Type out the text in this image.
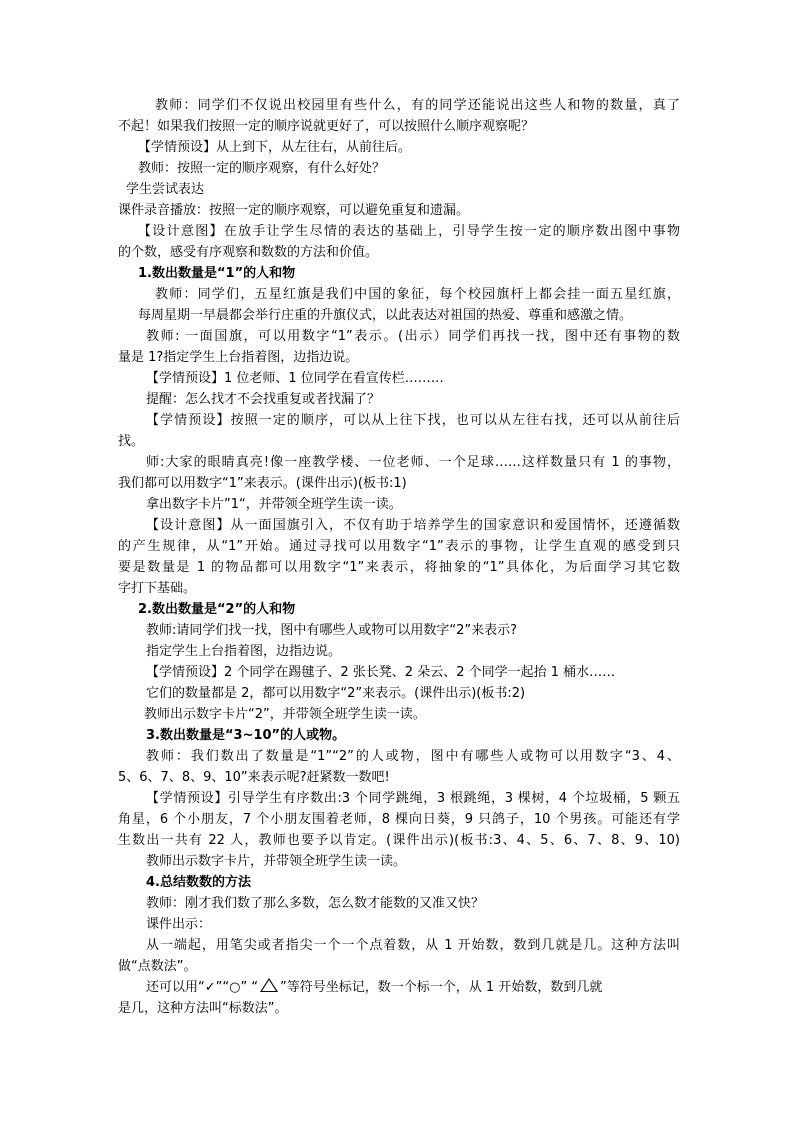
教师：同学们不仅说出校园里有些什么，有的同学还能说出这些人和物的数量，真了
不起！如果我们按照一定的顺序说就更好了，可以按照什么顺序观察呢？
【学情预设】从上到下，从左往右，从前往后。
教师：按照一定的顺序观察，有什么好处？
学生尝试表达
课件录音播放：按照一定的顺序观察，可以避免重复和遗漏。
【设计意图】在放手让学生尽情的表达的基础上，引导学生按一定的顺序数出图中事物
的个数，感受有序观察和数数的方法和价值。
1.数出数量是“1”的人和物
教师：同学们，五星红旗是我们中国的象征，每个校园旗杆上都会挂一面五星红旗，
每周星期一早晨都会举行庄重的升旗仪式，以此表达对祖国的热爱、尊重和感激之情。
教师: 一面国旗，可以用数字“1”表示。(出示）同学们再找一找，图中还有事物的数
量是 1?指定学生上台指着图，边指边说。
【学情预设】1 位老师、1 位同学在看宣传栏………
提醒：怎么找才不会找重复或者找漏了？
【学情预设】按照一定的顺序，可以从上往下找，也可以从左往右找，还可以从前往后
找。
师:大家的眼睛真亮!像一座教学楼、一位老师、一个足球……这样数量只有 1 的事物，
我们都可以用数字“1”来表示。(课件出示)(板书:1)
拿出数字卡片”1“，并带领全班学生读一读。
【设计意图】从一面国旗引入，不仅有助于培养学生的国家意识和爱国情怀，还遵循数
的产生规律，从“1”开始。通过寻找可以用数字“1”表示的事物，让学生直观的感受到只
要是数量是 1 的物品都可以用数字“1”来表示，将抽象的“1”具体化，为后面学习其它数
字打下基础。
2.数出数量是“2”的人和物
教师:请同学们找一找，图中有哪些人或物可以用数字“2”来表示?
指定学生上台指着图，边指边说。
【学情预设】2 个同学在踢毽子、2 张长凳、2 朵云、2 个同学一起抬 1 桶水……
它们的数量都是 2，都可以用数字“2”来表示。(课件出示)(板书:2)
教师出示数字卡片“2”，并带领全班学生读一读。
3.数出数量是“3~10”的人或物。
教师：我们数出了数量是“1”“2”的人或物，图中有哪些人或物可以用数字“3、4、
5、6、7、8、9、10”来表示呢?赶紧数一数吧!
【学情预设】引导学生有序数出:3 个同学跳绳，3 根跳绳，3 棵树，4 个垃圾桶，5 颗五
角星，6 个小朋友，7 个小朋友围着老师，8 棵向日葵，9 只鸽子，10 个男孩。可能还有学
生数出一共有 22 人，教师也要予以肯定。(课件出示)(板书:3、4、5、6、7、8、9、10)
教师出示数字卡片，并带领全班学生读一读。
4.总结数数的方法
教师：刚才我们数了那么多数，怎么数才能数的又准又快？
课件出示：
从一端起，用笔尖或者指尖一个一个点着数，从 1 开始数，数到几就是几。这种方法叫
做“点数法”。
还可以用“✓”“○” “ ”等符号坐标记，数一个标一个，从 1 开始数，数到几就
是几，这种方法叫“标数法”。
